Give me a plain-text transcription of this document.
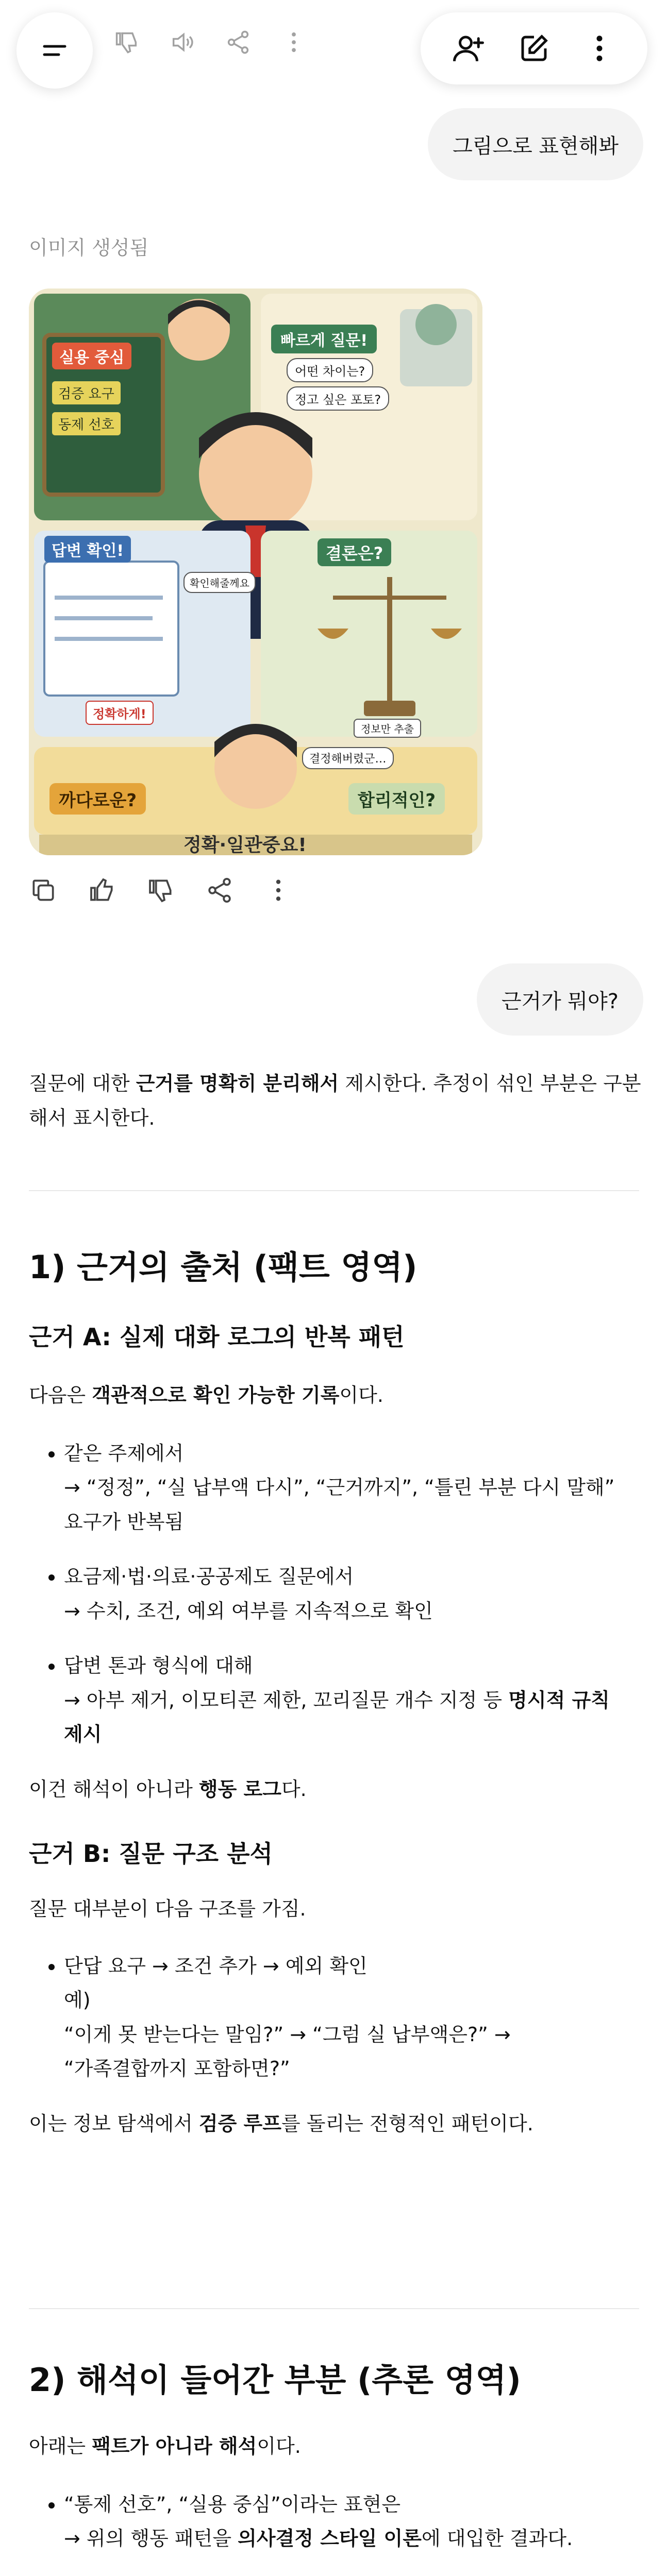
그림으로 표현해봐
이미지 생성됨
빠르게 질문!
어떤 차이는?
정고 싶은 포토?
실용 중심
검증 요구
동제 선호
답변 확인!
확인해줄께요
정확하게!
결론은?
정보만 추출
결정해버렸군…
까다로운?	합리적인?
정확·일관중요!
근거가 뭐야?

질문에 대한 근거를 명확히 분리해서 제시한다. 추정이 섞인 부분은 구분해서 표시한다.

1) 근거의 출처 (팩트 영역)
근거 A: 실제 대화 로그의 반복 패턴

다음은 객관적으로 확인 가능한 기록이다.

• 같은 주제에서
→ “정정”, “실 납부액 다시”, “근거까지”, “틀린 부분 다시 말해”
요구가 반복됨
• 요금제·법·의료·공공제도 질문에서
→ 수치, 조건, 예외 여부를 지속적으로 확인
• 답변 톤과 형식에 대해
→ 아부 제거, 이모티콘 제한, 꼬리질문 개수 지정 등 명시적 규칙
제시

이건 해석이 아니라 행동 로그다.

근거 B: 질문 구조 분석

질문 대부분이 다음 구조를 가짐.

• 단답 요구 → 조건 추가 → 예외 확인
예)
“이게 못 받는다는 말임?” → “그럼 실 납부액은?” →
“가족결합까지 포함하면?”

이는 정보 탐색에서 검증 루프를 돌리는 전형적인 패턴이다.

2) 해석이 들어간 부분 (추론 영역)

아래는 팩트가 아니라 해석이다.

• “통제 선호”, “실용 중심”이라는 표현은
→ 위의 행동 패턴을 의사결정 스타일 이론에 대입한 결과다.
